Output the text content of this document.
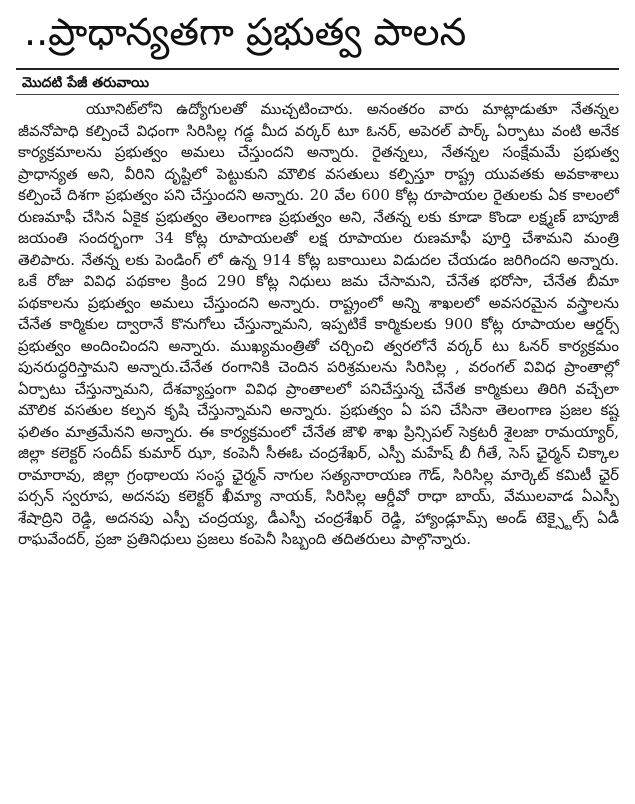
..ప్రాధాన్యతగా ప్రభుత్వ పాలన
మొదటి పేజీ తరువాయి

యూనిట్‌లోని ఉద్యోగులతో ముచ్చటించారు. అనంతరం వారు మాట్లాడుతూ నేతన్నల జీవనోపాధి కల్పించే విధంగా సిరిసిల్ల గడ్డ మీద వర్కర్ టూ ఓనర్, అపెరల్ పార్క్ ఏర్పాటు వంటి అనేక కార్యక్రమాలను ప్రభుత్వం అమలు చేస్తుందని అన్నారు. రైతన్నలు, నేతన్నల సంక్షేమమే ప్రభుత్వ ప్రాధాన్యత అని, వీరిని దృష్టిలో పెట్టుకుని మౌలిక వసతులు కల్పిస్తూ రాష్ట్ర యువతకు అవకాశాలు కల్పించే దిశగా ప్రభుత్వం పని చేస్తుందని అన్నారు. 20 వేల 600 కోట్ల రూపాయల రైతులకు ఏక కాలంలో రుణమాఫీ చేసిన ఏకైక ప్రభుత్వం తెలంగాణ ప్రభుత్వం అని, నేతన్న లకు కూడా కొండా లక్ష్మణ్ బాపూజీ జయంతి సందర్భంగా 34 కోట్ల రూపాయలతో లక్ష రూపాయల రుణమాఫీ పూర్తి చేశామని మంత్రి తెలిపారు. నేతన్న లకు పెండింగ్ లో ఉన్న 914 కోట్ల బకాయిలు విడుదల చేయడం జరిగిందని అన్నారు. ఒకే రోజు వివిధ పథకాల క్రింద 290 కోట్ల నిధులు జమ చేసామని, చేనేత భరోసా, చేనేత బీమా పథకాలను ప్రభుత్వం అమలు చేస్తుందని అన్నారు. రాష్ట్రంలో అన్ని శాఖలలో అవసరమైన వస్త్రాలను చేనేత కార్మికుల ద్వారానే కొనుగోలు చేస్తున్నామని, ఇప్పటికే కార్మికులకు 900 కోట్ల రూపాయల ఆర్డర్స్ ప్రభుత్వం అందించిందని అన్నారు. ముఖ్యమంత్రితో చర్చించి త్వరలోనే వర్కర్ టు ఓనర్ కార్యక్రమం పునరుద్ధరిస్తామని అన్నారు.చేనేత రంగానికి చెందిన పరిశ్రమలను సిరిసిల్ల , వరంగల్ వివిధ ప్రాంతాల్లో ఏర్పాటు చేస్తున్నామని, దేశవ్యాప్తంగా వివిధ ప్రాంతాలలో పనిచేస్తున్న చేనేత కార్మికులు తిరిగి వచ్చేలా మౌలిక వసతుల కల్పన కృషి చేస్తున్నామని అన్నారు. ప్రభుత్వం ఏ పని చేసినా తెలంగాణ ప్రజల కష్ట ఫలితం మాత్రమేనని అన్నారు. ఈ కార్యక్రమంలో చేనేత జౌళి శాఖ ప్రిన్సిపల్ సెక్రటరీ శైలజా రామయ్యార్, జిల్లా కలెక్టర్ సందీప్ కుమార్ ఝా, కంపెనీ సీఈఓ చంద్రశేఖర్, ఎస్పీ మహేష్ బీ గీతే, సెస్ ఛైర్మన్ చిక్కాల రామారావు, జిల్లా గ్రంథాలయ సంస్థ ఛైర్మన్ నాగుల సత్యనారాయణ గౌడ్, సిరిసిల్ల మార్కెట్ కమిటీ ఛైర్ పర్సన్ స్వరూప, అదనపు కలెక్టర్ ఖీమ్యా నాయక్, సిరిసిల్ల ఆర్డీవో రాధా బాయ్, వేములవాడ ఏఎస్పీ శేషాద్రిని రెడ్డి, అదనపు ఎస్పీ చంద్రయ్య, డీఎస్పీ చంద్రశేఖర్ రెడ్డి, హ్యాండ్లూమ్స్ అండ్ టెక్స్టైల్స్ ఏడీ రాఘవేందర్, ప్రజా ప్రతినిధులు ప్రజలు కంపెనీ సిబ్బంది తదితరులు పాల్గొన్నారు.
